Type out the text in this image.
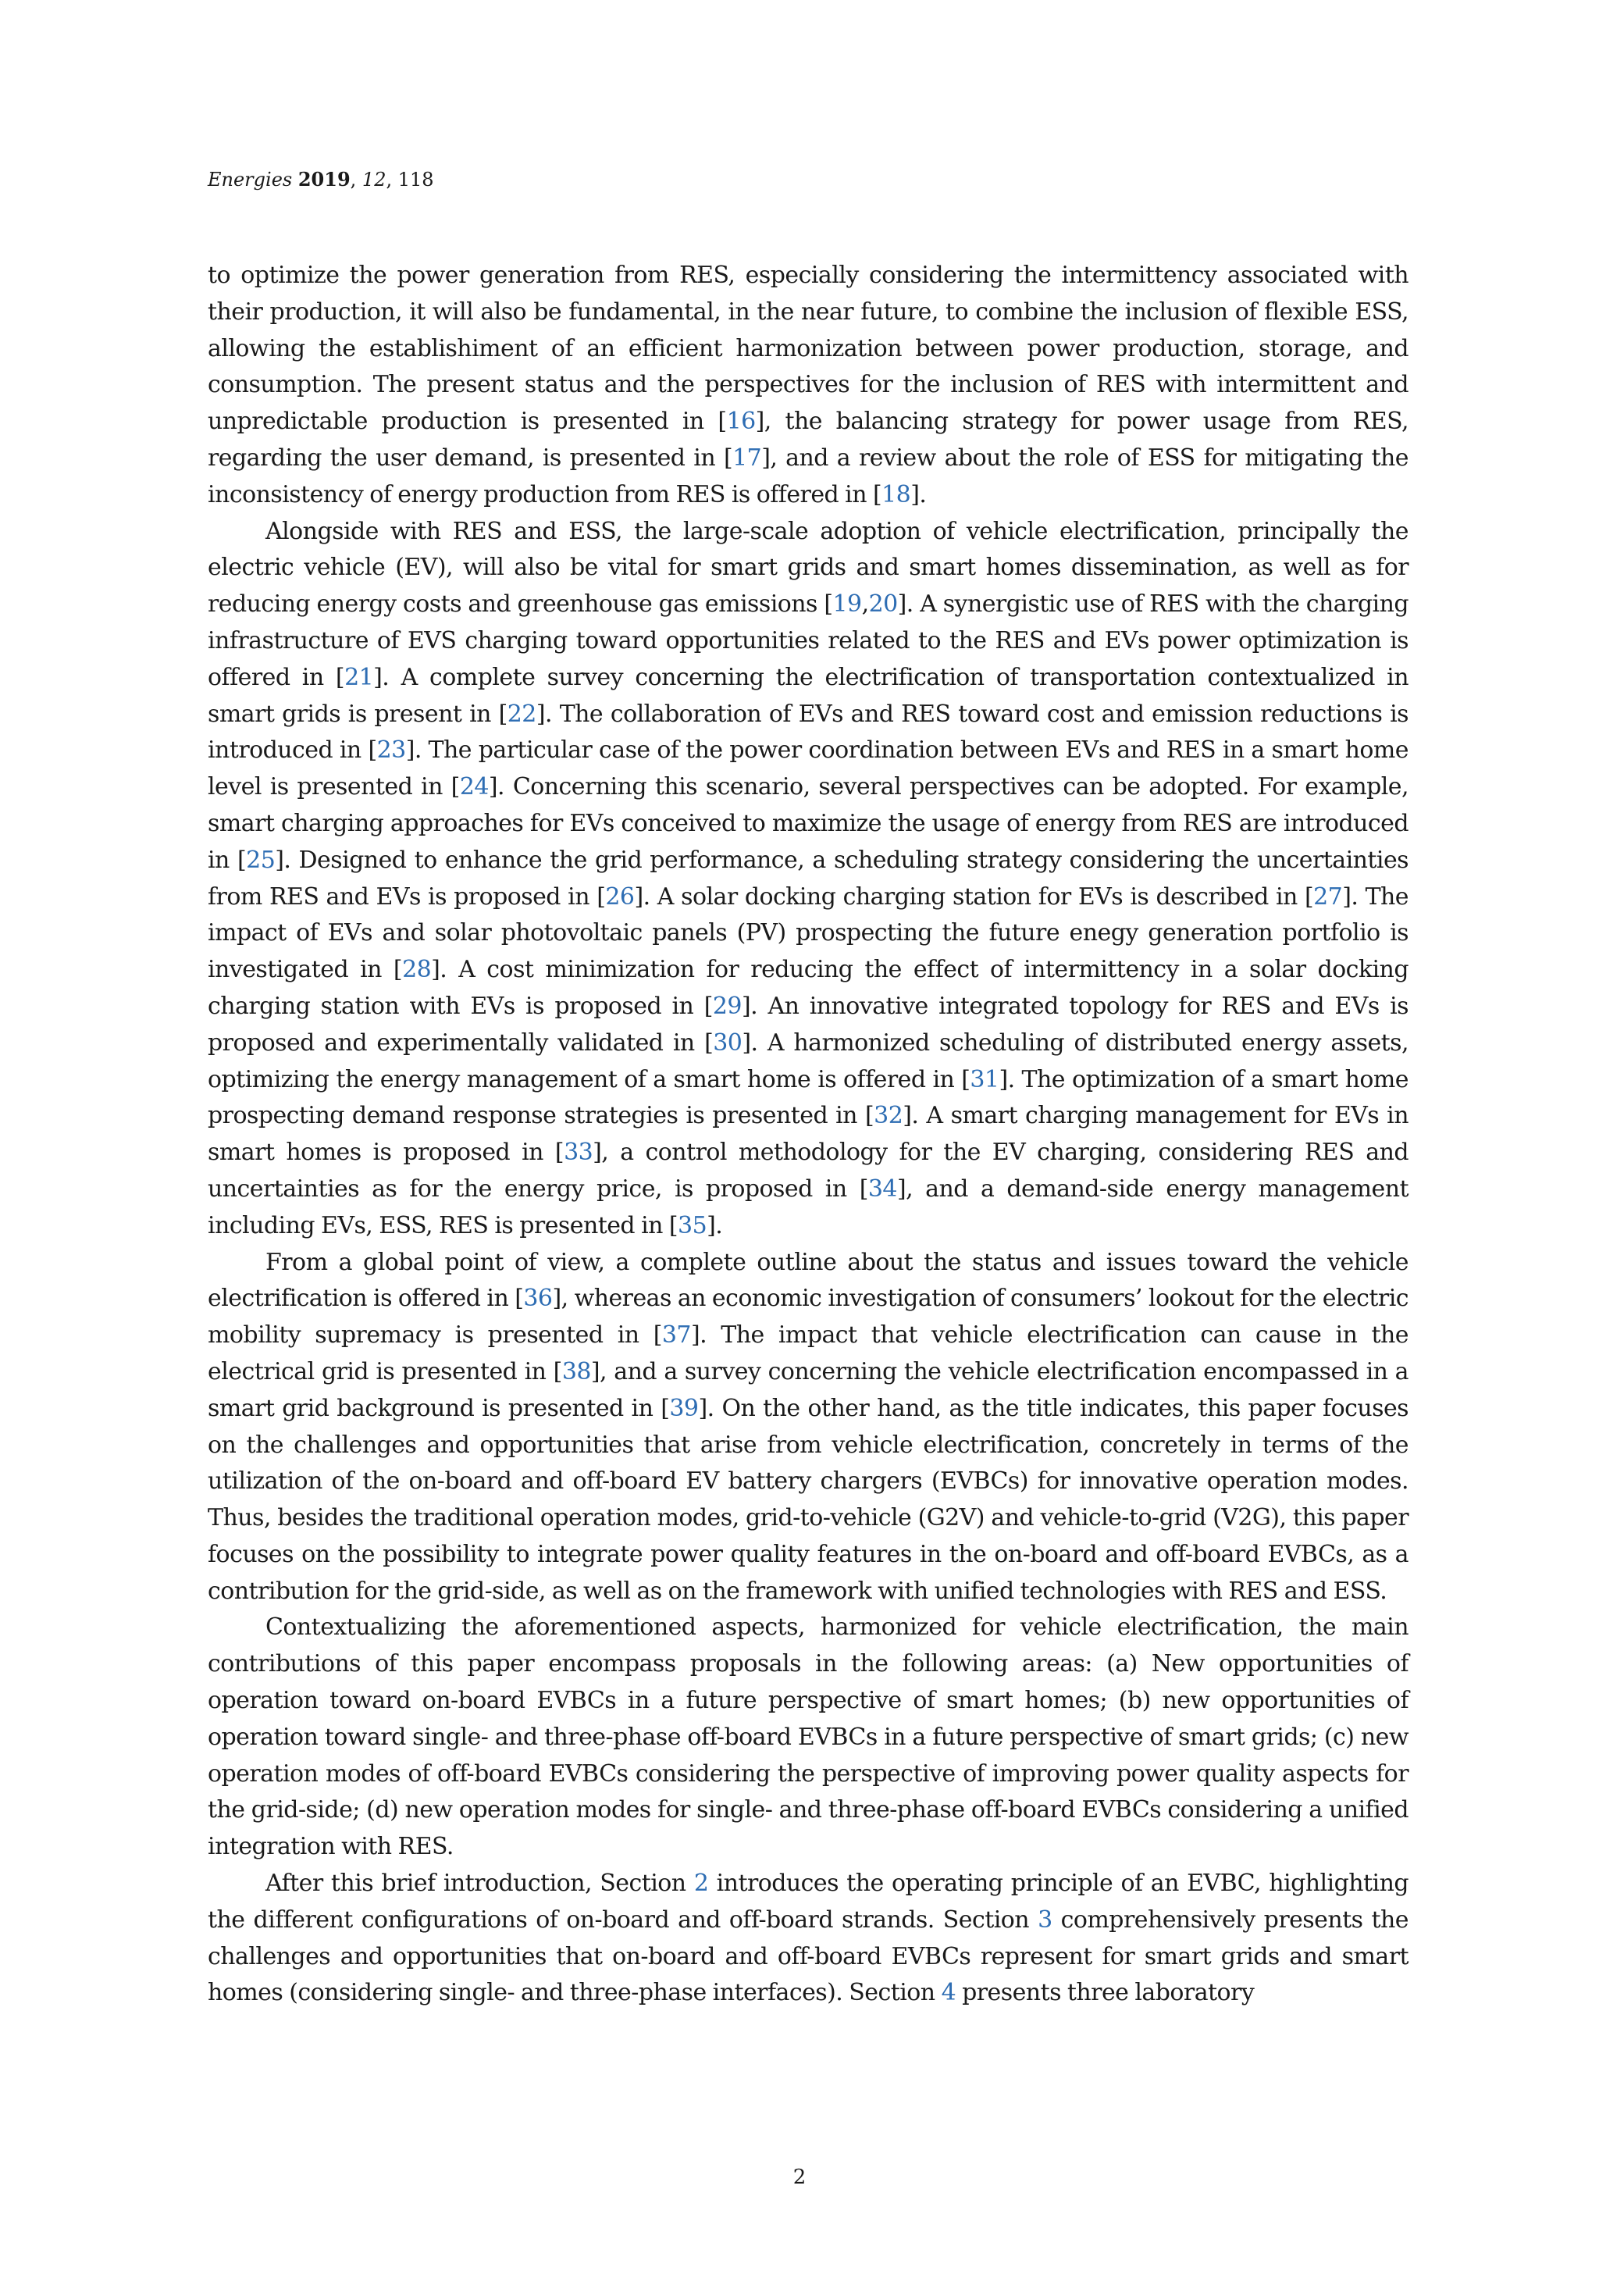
Energies 2019, 12, 118

to optimize the power generation from RES, especially considering the intermittency associated with their production, it will also be fundamental, in the near future, to combine the inclusion of flexible ESS, allowing the establishiment of an efficient harmonization between power production, storage, and consumption. The present status and the perspectives for the inclusion of RES with intermittent and unpredictable production is presented in [16], the balancing strategy for power usage from RES, regarding the user demand, is presented in [17], and a review about the role of ESS for mitigating the inconsistency of energy production from RES is offered in [18].

Alongside with RES and ESS, the large-scale adoption of vehicle electrification, principally the electric vehicle (EV), will also be vital for smart grids and smart homes dissemination, as well as for reducing energy costs and greenhouse gas emissions [19,20]. A synergistic use of RES with the charging infrastructure of EVS charging toward opportunities related to the RES and EVs power optimization is offered in [21]. A complete survey concerning the electrification of transportation contextualized in smart grids is present in [22]. The collaboration of EVs and RES toward cost and emission reductions is introduced in [23]. The particular case of the power coordination between EVs and RES in a smart home level is presented in [24]. Concerning this scenario, several perspectives can be adopted. For example, smart charging approaches for EVs conceived to maximize the usage of energy from RES are introduced in [25]. Designed to enhance the grid performance, a scheduling strategy considering the uncertainties from RES and EVs is proposed in [26]. A solar docking charging station for EVs is described in [27]. The impact of EVs and solar photovoltaic panels (PV) prospecting the future enegy generation portfolio is investigated in [28]. A cost minimization for reducing the effect of intermittency in a solar docking charging station with EVs is proposed in [29]. An innovative integrated topology for RES and EVs is proposed and experimentally validated in [30]. A harmonized scheduling of distributed energy assets, optimizing the energy management of a smart home is offered in [31]. The optimization of a smart home prospecting demand response strategies is presented in [32]. A smart charging management for EVs in smart homes is proposed in [33], a control methodology for the EV charging, considering RES and uncertainties as for the energy price, is proposed in [34], and a demand-side energy management including EVs, ESS, RES is presented in [35].

From a global point of view, a complete outline about the status and issues toward the vehicle electrification is offered in [36], whereas an economic investigation of consumers’ lookout for the electric mobility supremacy is presented in [37]. The impact that vehicle electrification can cause in the electrical grid is presented in [38], and a survey concerning the vehicle electrification encompassed in a smart grid background is presented in [39]. On the other hand, as the title indicates, this paper focuses on the challenges and opportunities that arise from vehicle electrification, concretely in terms of the utilization of the on-board and off-board EV battery chargers (EVBCs) for innovative operation modes. Thus, besides the traditional operation modes, grid-to-vehicle (G2V) and vehicle-to-grid (V2G), this paper focuses on the possibility to integrate power quality features in the on-board and off-board EVBCs, as a contribution for the grid-side, as well as on the framework with unified technologies with RES and ESS.

Contextualizing the aforementioned aspects, harmonized for vehicle electrification, the main contributions of this paper encompass proposals in the following areas: (a) New opportunities of operation toward on-board EVBCs in a future perspective of smart homes; (b) new opportunities of operation toward single- and three-phase off-board EVBCs in a future perspective of smart grids; (c) new operation modes of off-board EVBCs considering the perspective of improving power quality aspects for the grid-side; (d) new operation modes for single- and three-phase off-board EVBCs considering a unified integration with RES.

After this brief introduction, Section 2 introduces the operating principle of an EVBC, highlighting the different configurations of on-board and off-board strands. Section 3 comprehensively presents the challenges and opportunities that on-board and off-board EVBCs represent for smart grids and smart homes (considering single- and three-phase interfaces). Section 4 presents three laboratory

2
